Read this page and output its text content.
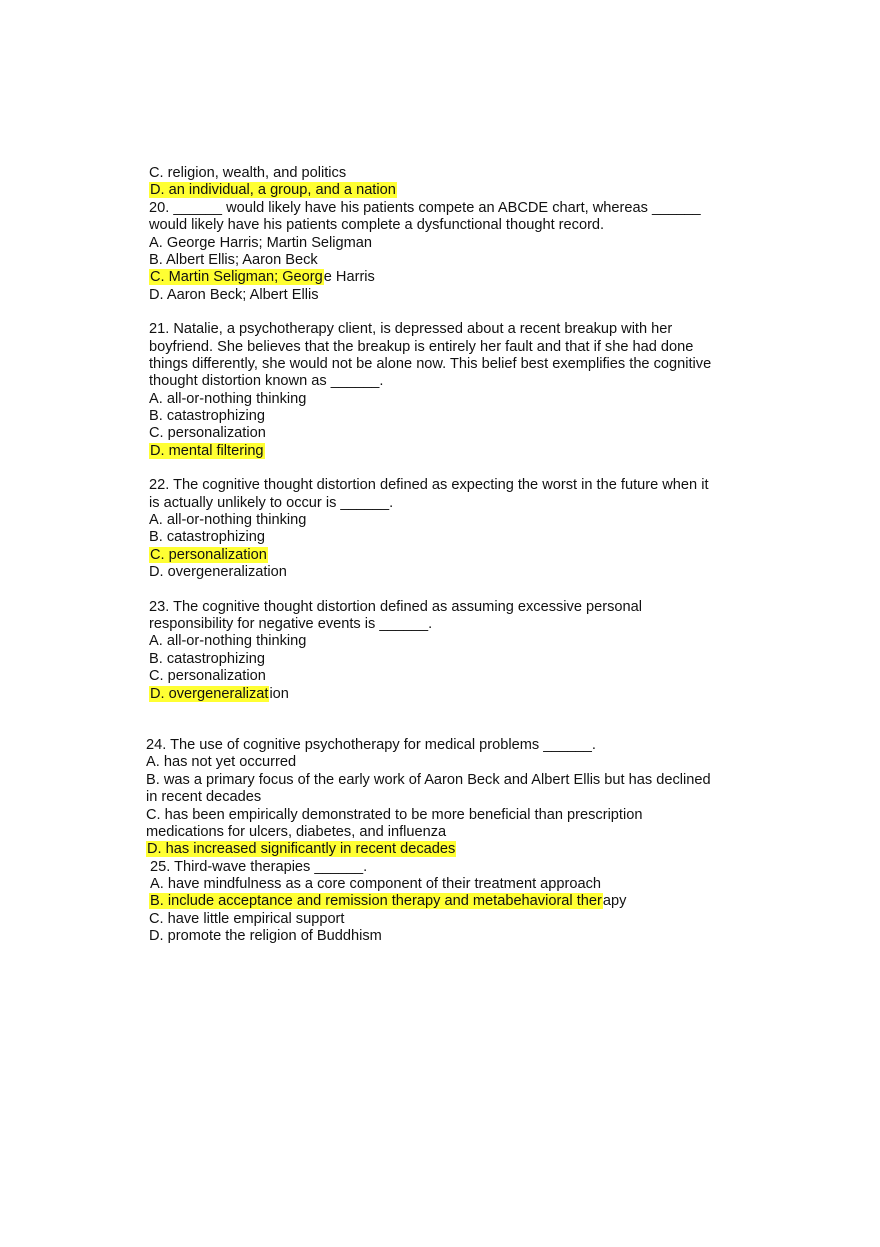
C. religion, wealth, and politics
D. an individual, a group, and a nation
20. ______ would likely have his patients compete an ABCDE chart, whereas ______
would likely have his patients complete a dysfunctional thought record.
A. George Harris; Martin Seligman
B. Albert Ellis; Aaron Beck
C. Martin Seligman; George Harris
D. Aaron Beck; Albert Ellis
21. Natalie, a psychotherapy client, is depressed about a recent breakup with her
boyfriend. She believes that the breakup is entirely her fault and that if she had done
things differently, she would not be alone now. This belief best exemplifies the cognitive
thought distortion known as ______.
A. all-or-nothing thinking
B. catastrophizing
C. personalization
D. mental filtering
22. The cognitive thought distortion defined as expecting the worst in the future when it
is actually unlikely to occur is ______.
A. all-or-nothing thinking
B. catastrophizing
C. personalization
D. overgeneralization
23. The cognitive thought distortion defined as assuming excessive personal
responsibility for negative events is ______.
A. all-or-nothing thinking
B. catastrophizing
C. personalization
D. overgeneralization
24. The use of cognitive psychotherapy for medical problems ______.
A. has not yet occurred
B. was a primary focus of the early work of Aaron Beck and Albert Ellis but has declined
in recent decades
C. has been empirically demonstrated to be more beneficial than prescription
medications for ulcers, diabetes, and influenza
D. has increased significantly in recent decades
25. Third-wave therapies ______.
A. have mindfulness as a core component of their treatment approach
B. include acceptance and remission therapy and metabehavioral therapy
C. have little empirical support
D. promote the religion of Buddhism
